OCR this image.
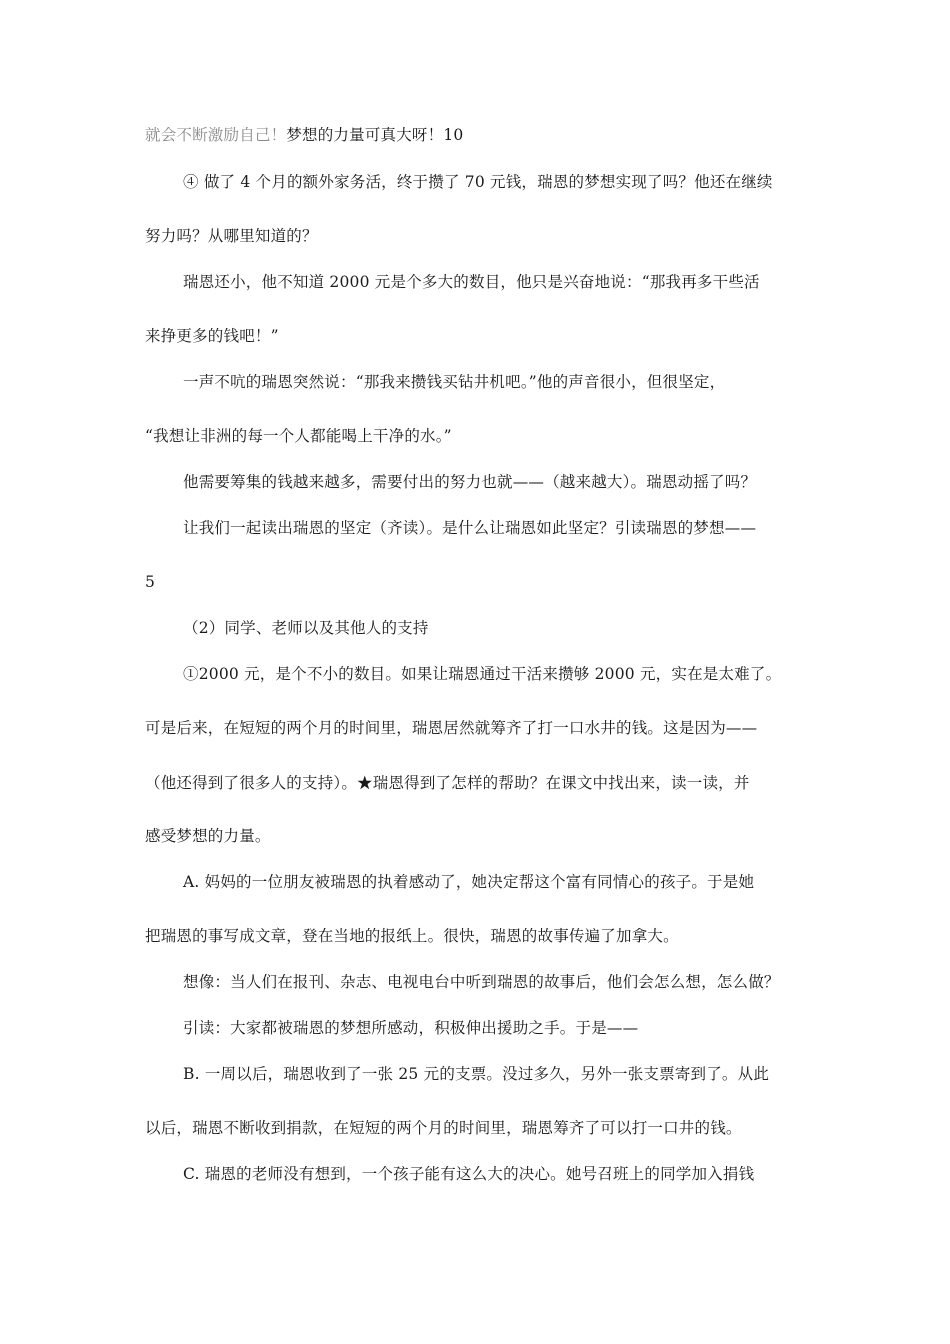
就会不断激励自己！梦想的力量可真大呀！10
④ 做了 4 个月的额外家务活，终于攒了 70 元钱，瑞恩的梦想实现了吗？他还在继续
努力吗？从哪里知道的？
瑞恩还小，他不知道 2000 元是个多大的数目，他只是兴奋地说：“那我再多干些活
来挣更多的钱吧！”
一声不吭的瑞恩突然说：“那我来攒钱买钻井机吧。”他的声音很小，但很坚定，
“我想让非洲的每一个人都能喝上干净的水。”
他需要筹集的钱越来越多，需要付出的努力也就——（越来越大）。瑞恩动摇了吗？
让我们一起读出瑞恩的坚定（齐读）。是什么让瑞恩如此坚定？引读瑞恩的梦想——
5
（2）同学、老师以及其他人的支持
①2000 元，是个不小的数目。如果让瑞恩通过干活来攒够 2000 元，实在是太难了。
可是后来，在短短的两个月的时间里，瑞恩居然就筹齐了打一口水井的钱。这是因为——
（他还得到了很多人的支持）。★瑞恩得到了怎样的帮助？在课文中找出来，读一读，并
感受梦想的力量。
A. 妈妈的一位朋友被瑞恩的执着感动了，她决定帮这个富有同情心的孩子。于是她
把瑞恩的事写成文章，登在当地的报纸上。很快，瑞恩的故事传遍了加拿大。
想像：当人们在报刊、杂志、电视电台中听到瑞恩的故事后，他们会怎么想，怎么做？
引读：大家都被瑞恩的梦想所感动，积极伸出援助之手。于是——
B. 一周以后，瑞恩收到了一张 25 元的支票。没过多久，另外一张支票寄到了。从此
以后，瑞恩不断收到捐款，在短短的两个月的时间里，瑞恩筹齐了可以打一口井的钱。
C. 瑞恩的老师没有想到，一个孩子能有这么大的决心。她号召班上的同学加入捐钱
